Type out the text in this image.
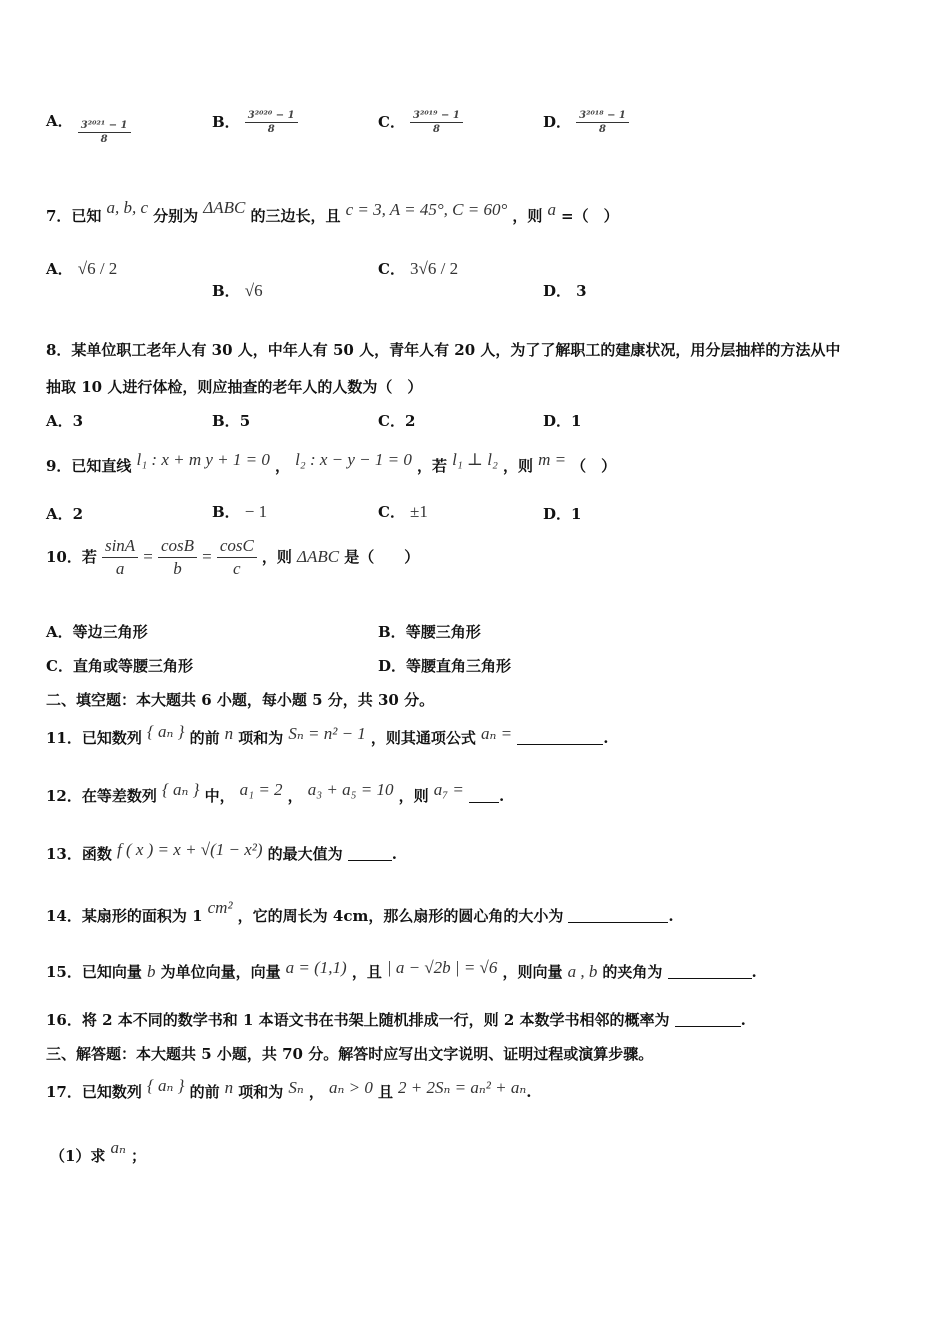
A． $\frac{\text{3²⁰²¹ − 1}}{8}$	B． $\frac{\text{3²⁰²⁰ − 1}}{8}$	C． $\frac{\text{3²⁰¹⁹ − 1}}{8}$	D． $\frac{\text{3²⁰¹⁸ − 1}}{8}$
7．已知 a, b, c 分别为 ΔABC 的三边长，且 c = 3, A = 45°, C = 60° ，则 a =（　）
A． √6 / 2
B． √6
C． 3√6 / 2
D． 3
8．某单位职工老年人有 30 人，中年人有 50 人，青年人有 20 人，为了了解职工的建康状况，用分层抽样的方法从中
抽取 10 人进行体检，则应抽查的老年人的人数为（　）
A．3	B．5	C．2	D．1
9．已知直线 l₁ : x + m y + 1 = 0 ， l₂ : x − y − 1 = 0 ，若 l₁ ⊥ l₂ ，则 m = （　）
A．2	B． − 1	C． ±1	D．1
10．若 $\frac{\sin A}{a} = \frac{\cos B}{b} = \frac{\cos C}{c}$ ，则 ΔABC 是（　　）
A．等边三角形	B．等腰三角形
C．直角或等腰三角形	D．等腰直角三角形
二、填空题：本大题共 6 小题，每小题 5 分，共 30 分。
11．已知数列 { aₙ } 的前 n 项和为 Sₙ = n² − 1 ，则其通项公式 aₙ =	.
12．在等差数列 { aₙ } 中， a₁ = 2 ， a₃ + a₅ = 10 ，则 a₇ = .
13．函数 f ( x ) = x + √(1 − x²) 的最大值为	.
14．某扇形的面积为 1 cm² ，它的周长为 4cm，那么扇形的圆心角的大小为	.
15．已知向量 b 为单位向量，向量 a = (1,1) ，且 | a − √2b | = √6 ，则向量 a , b 的夹角为	.
16．将 2 本不同的数学书和 1 本语文书在书架上随机排成一行，则 2 本数学书相邻的概率为	.
三、解答题：本大题共 5 小题，共 70 分。解答时应写出文字说明、证明过程或演算步骤。
17．已知数列 { aₙ } 的前 n 项和为 Sₙ ， aₙ > 0 且 2 + 2Sₙ = aₙ² + aₙ.
（1）求 aₙ ；
